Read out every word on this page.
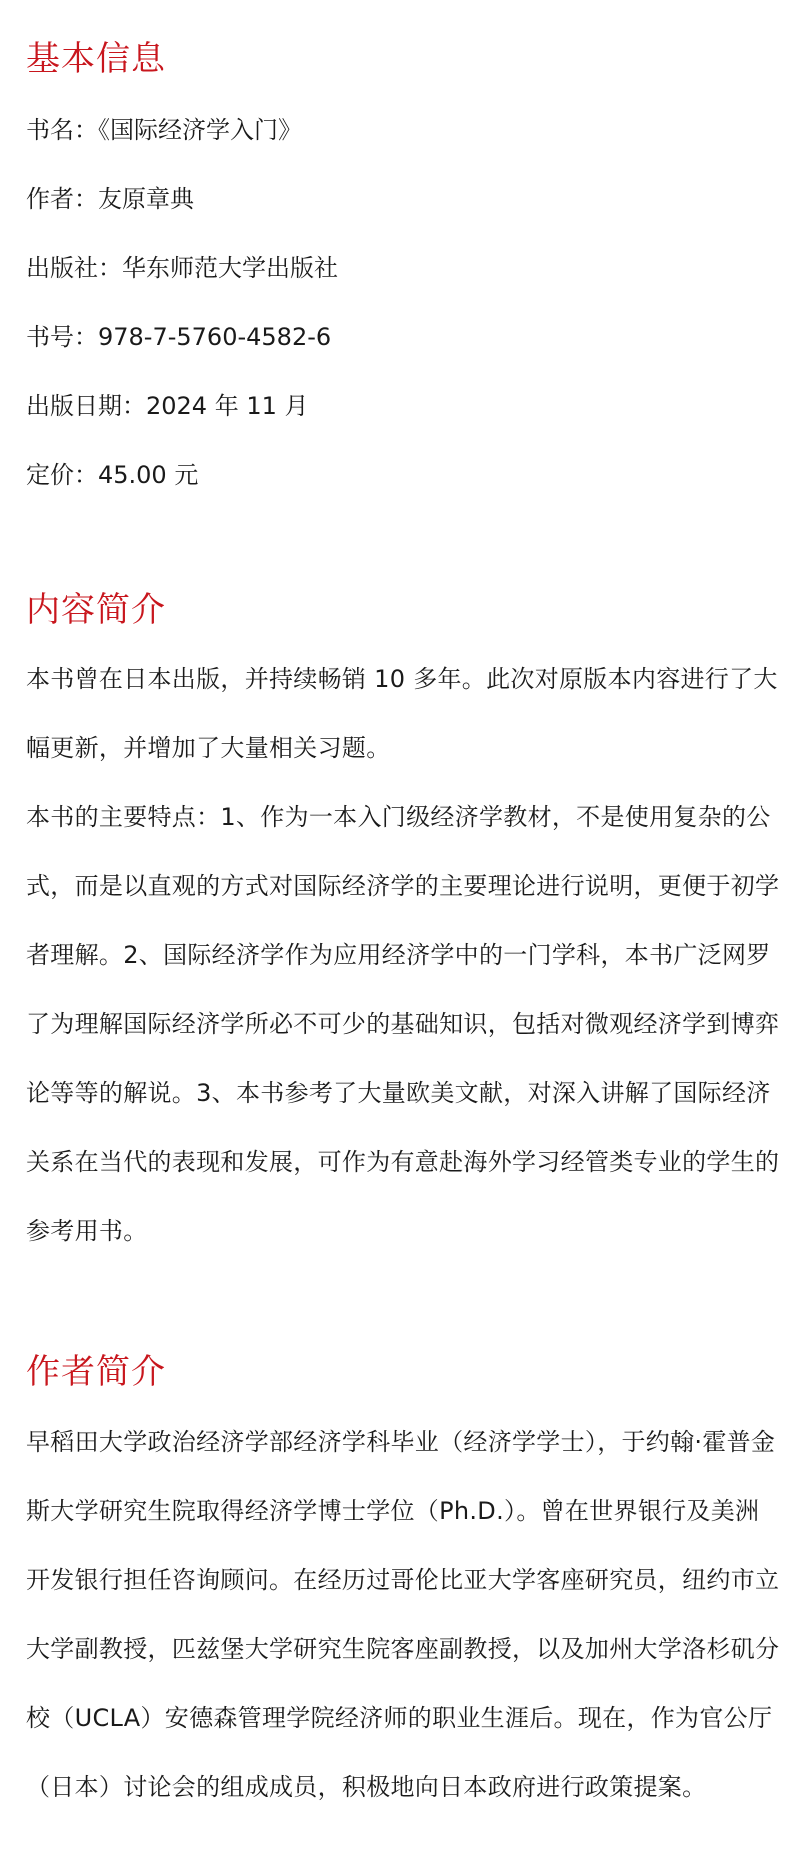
基本信息

书名：《国际经济学入门》

作者：友原章典

出版社：华东师范大学出版社

书号：978-7-5760-4582-6

出版日期：2024 年 11 月

定价：45.00 元

内容简介

本书曾在日本出版，并持续畅销 10 多年。此次对原版本内容进行了大
幅更新，并增加了大量相关习题。

本书的主要特点：1、作为一本入门级经济学教材，不是使用复杂的公
式，而是以直观的方式对国际经济学的主要理论进行说明，更便于初学
者理解。2、国际经济学作为应用经济学中的一门学科，本书广泛网罗
了为理解国际经济学所必不可少的基础知识，包括对微观经济学到博弈
论等等的解说。3、本书参考了大量欧美文献，对深入讲解了国际经济
关系在当代的表现和发展，可作为有意赴海外学习经管类专业的学生的
参考用书。

作者简介

早稻田大学政治经济学部经济学科毕业（经济学学士），于约翰·霍普金
斯大学研究生院取得经济学博士学位（Ph.D.）。曾在世界银行及美洲
开发银行担任咨询顾问。在经历过哥伦比亚大学客座研究员，纽约市立
大学副教授，匹兹堡大学研究生院客座副教授，以及加州大学洛杉矶分
校（UCLA）安德森管理学院经济师的职业生涯后。现在，作为官公厅
（日本）讨论会的组成成员，积极地向日本政府进行政策提案。
